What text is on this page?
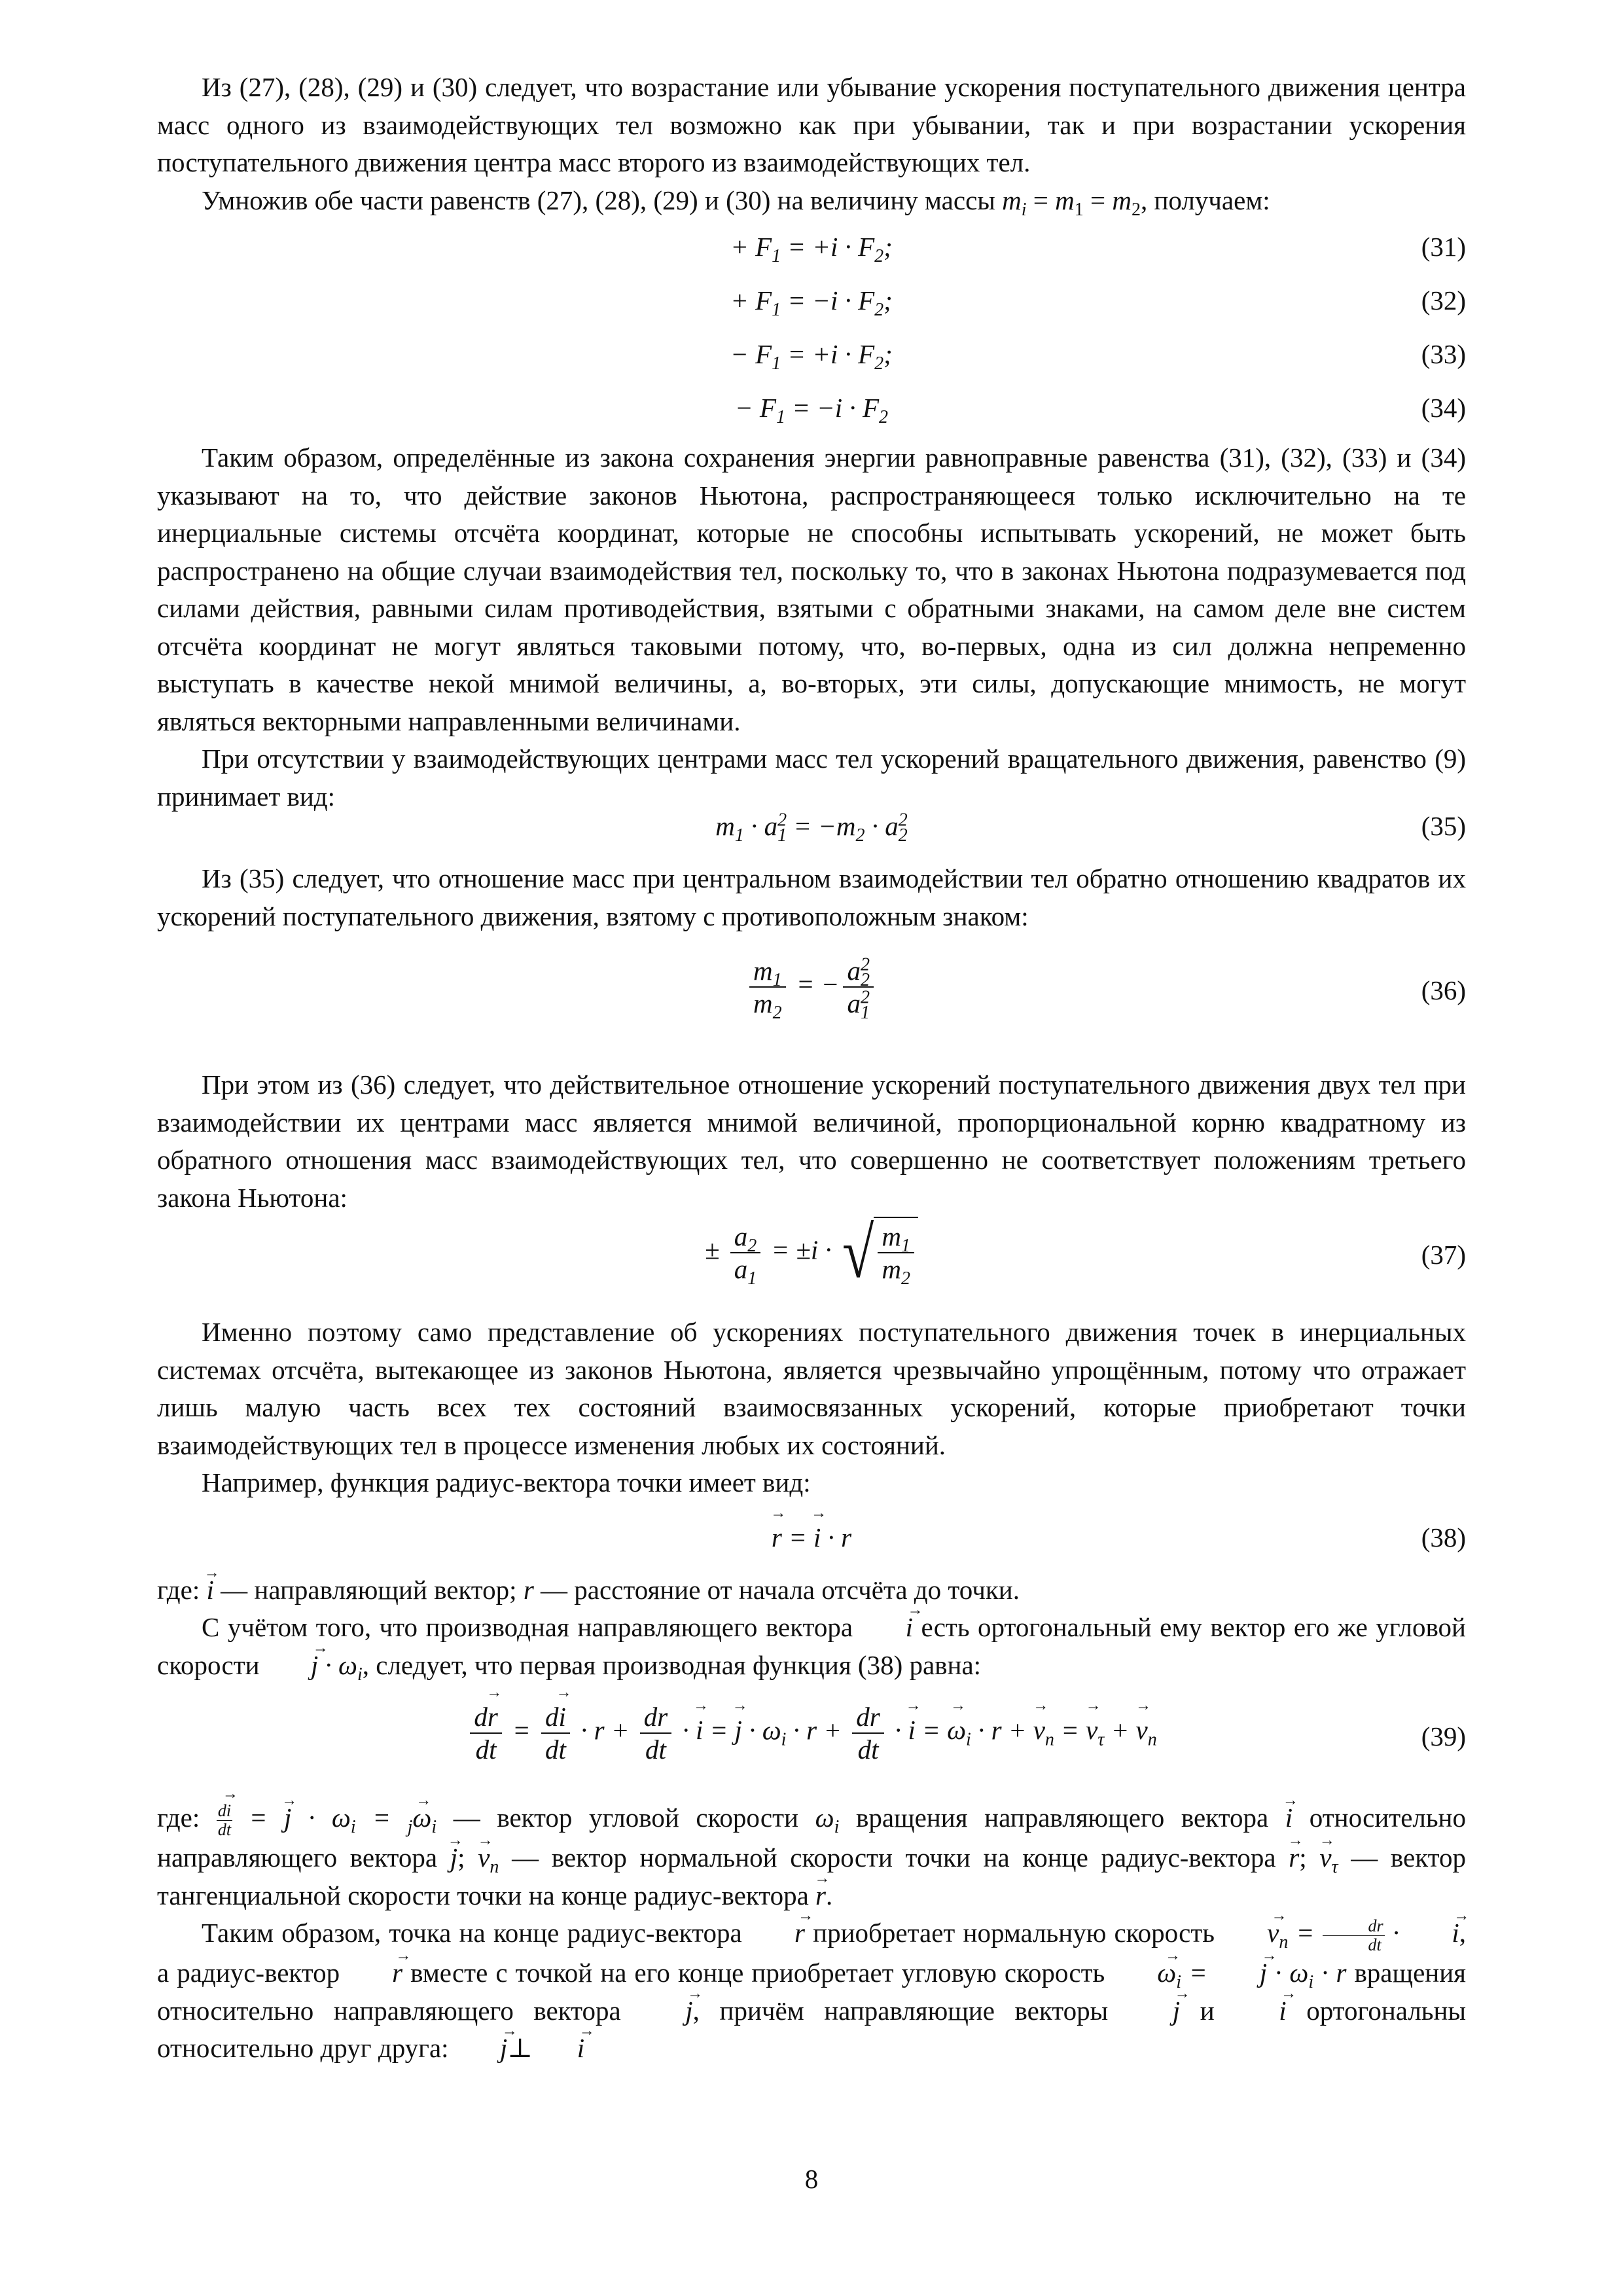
Из (27), (28), (29) и (30) следует, что возрастание или убывание ускорения поступательного движения центра масс одного из взаимодействующих тел возможно как при убывании, так и при возрастании ускорения поступательного движения центра масс второго из взаимодействующих тел.

Умножив обе части равенств (27), (28), (29) и (30) на величину массы $m_i = m_1 = m_2$, получаем:

+ $F_1 = +i \cdot F_2$;	(31)
+ $F_1 = -i \cdot F_2$;	(32)
− $F_1 = +i \cdot F_2$;	(33)
− $F_1 = -i \cdot F_2$	(34)

Таким образом, определённые из закона сохранения энергии равноправные равенства (31), (32), (33) и (34) указывают на то, что действие законов Ньютона, распространяющееся только исключительно на те инерциальные системы отсчёта координат, которые не способны испытывать ускорений, не может быть распространено на общие случаи взаимодействия тел, поскольку то, что в законах Ньютона подразумевается под силами действия, равными силам противодействия, взятыми с обратными знаками, на самом деле вне систем отсчёта координат не могут являться таковыми потому, что, во-первых, одна из сил должна непременно выступать в качестве некой мнимой величины, а, во-вторых, эти силы, допускающие мнимость, не могут являться векторными направленными величинами.

При отсутствии у взаимодействующих центрами масс тел ускорений вращательного движения, равенство (9) принимает вид:

$m_1 \cdot a^2_1 = -m_2 \cdot a^2_2$	(35)

Из (35) следует, что отношение масс при центральном взаимодействии тел обратно отношению квадратов их ускорений поступательного движения, взятому с противоположным знаком:

$\frac{m_1}{m_2}$ = − $\frac{a^2_2}{a^2_1}$	(36)

При этом из (36) следует, что действительное отношение ускорений поступательного движения двух тел при взаимодействии их центрами масс является мнимой величиной, пропорциональной корню квадратному из обратного отношения масс взаимодействующих тел, что совершенно не соответствует положениям третьего закона Ньютона:

± $\frac{a_2}{a_1} = \pm i$ · √ $\frac{m_1}{m_2}$	(37)

Именно поэтому само представление об ускорениях поступательного движения точек в инерциальных системах отсчёта, вытекающее из законов Ньютона, является чрезвычайно упрощённым, потому что отражает лишь малую часть всех тех состояний взаимосвязанных ускорений, которые приобретают точки взаимодействующих тел в процессе изменения любых их состояний.

Например, функция радиус-вектора точки имеет вид:

→ r = → i · r	(38)

где: → i — направляющий вектор; r — расстояние от начала отсчёта до точки.

С учётом того, что производная направляющего вектора → i есть ортогональный ему вектор его же угловой скорости → $j \cdot \omega_i$, следует, что первая производная функция (38) равна:

$\frac{d\to r}{dt} = \frac{d\to i}{dt} \cdot r + \frac{dr}{dt}$ · → i = → $j \cdot \omega_i \cdot r + \frac{dr}{dt}$ · → i = → $\omega_i \cdot r$ + → $v_n$ = → $v_\tau$ + → $v_n$	(39)

где: $\frac{d\to i}{dt}$ = → $j \cdot \omega_i = _j\to \omega_i$ — вектор угловой скорости $\omega_i$ вращения направляющего вектора → i относительно направляющего вектора → j; → $v_n$ — вектор нормальной скорости точки на конце радиус-вектора → r; → $v_\tau$ — вектор тангенциальной скорости точки на конце радиус-вектора → r.

Таким образом, точка на конце радиус-вектора → r приобретает нормальную скорость → $v_n = \frac{dr}{dt}$ · → i, а радиус-вектор → r вместе с точкой на его конце приобретает угловую скорость → $\omega_i$ = → $j \cdot \omega_i \cdot r$ вращения относительно направляющего вектора → j, причём направляющие векторы → j и → i ортогональны относительно друг друга: → j⊥→ i

8
